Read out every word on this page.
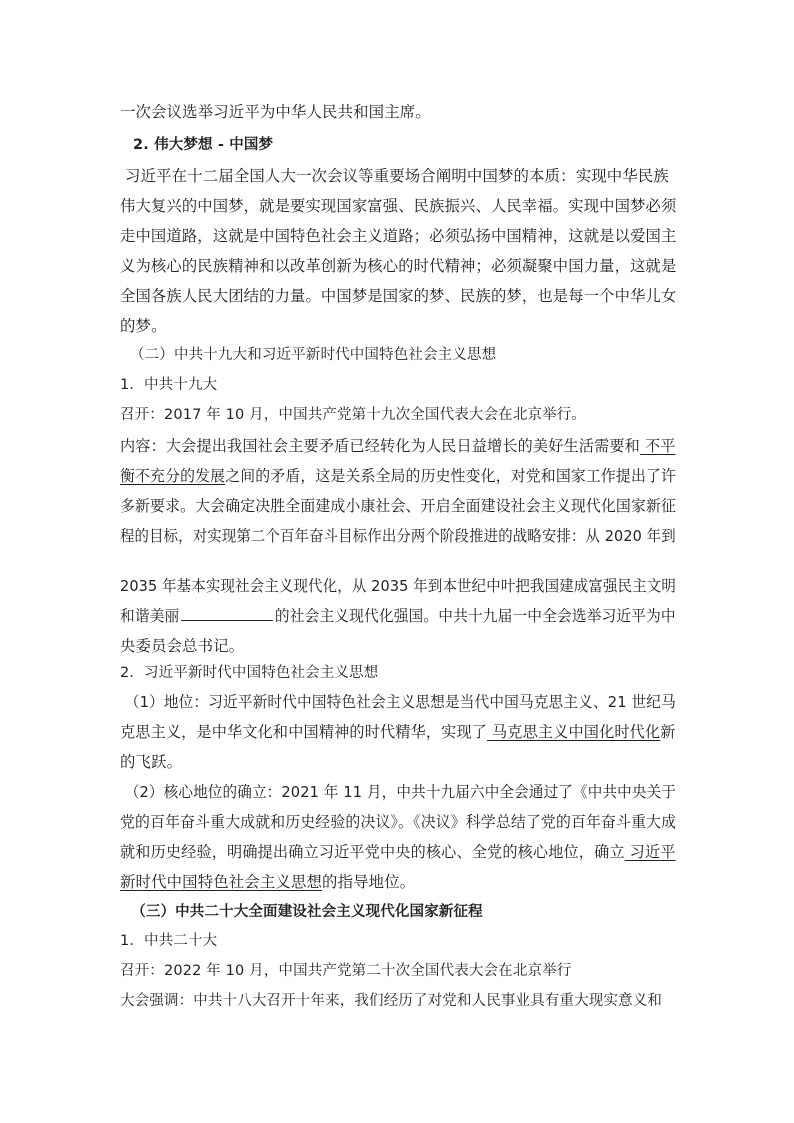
一次会议选举习近平为中华人民共和国主席。
2. 伟大梦想 - 中国梦
习近平在十二届全国人大一次会议等重要场合阐明中国梦的本质：实现中华民族
伟大复兴的中国梦，就是要实现国家富强、民族振兴、人民幸福。实现中国梦必须
走中国道路，这就是中国特色社会主义道路；必须弘扬中国精神，这就是以爱国主
义为核心的民族精神和以改革创新为核心的时代精神；必须凝聚中国力量，这就是
全国各族人民大团结的力量。中国梦是国家的梦、民族的梦，也是每一个中华儿女
的梦。
（二）中共十九大和习近平新时代中国特色社会主义思想
1．中共十九大
召开：2017 年 10 月，中国共产党第十九次全国代表大会在北京举行。
内容：大会提出我国社会主要矛盾已经转化为人民日益增长的美好生活需要和 不平
衡不充分的发展之间的矛盾，这是关系全局的历史性变化，对党和国家工作提出了许
多新要求。大会确定决胜全面建成小康社会、开启全面建设社会主义现代化国家新征
程的目标，对实现第二个百年奋斗目标作出分两个阶段推进的战略安排：从 2020 年到
2035 年基本实现社会主义现代化，从 2035 年到本世纪中叶把我国建成富强民主文明
和谐美丽	的社会主义现代化强国。中共十九届一中全会选举习近平为中
央委员会总书记。
2．习近平新时代中国特色社会主义思想
（1）地位：习近平新时代中国特色社会主义思想是当代中国马克思主义、21 世纪马
克思主义，是中华文化和中国精神的时代精华，实现了 马克思主义中国化时代化新
的飞跃。
（2）核心地位的确立：2021 年 11 月，中共十九届六中全会通过了《中共中央关于
党的百年奋斗重大成就和历史经验的决议》。《决议》科学总结了党的百年奋斗重大成
就和历史经验，明确提出确立习近平党中央的核心、全党的核心地位，确立 习近平
新时代中国特色社会主义思想的指导地位。
（三）中共二十大全面建设社会主义现代化国家新征程
1．中共二十大
召开：2022 年 10 月，中国共产党第二十次全国代表大会在北京举行
大会强调：中共十八大召开十年来，我们经历了对党和人民事业具有重大现实意义和
